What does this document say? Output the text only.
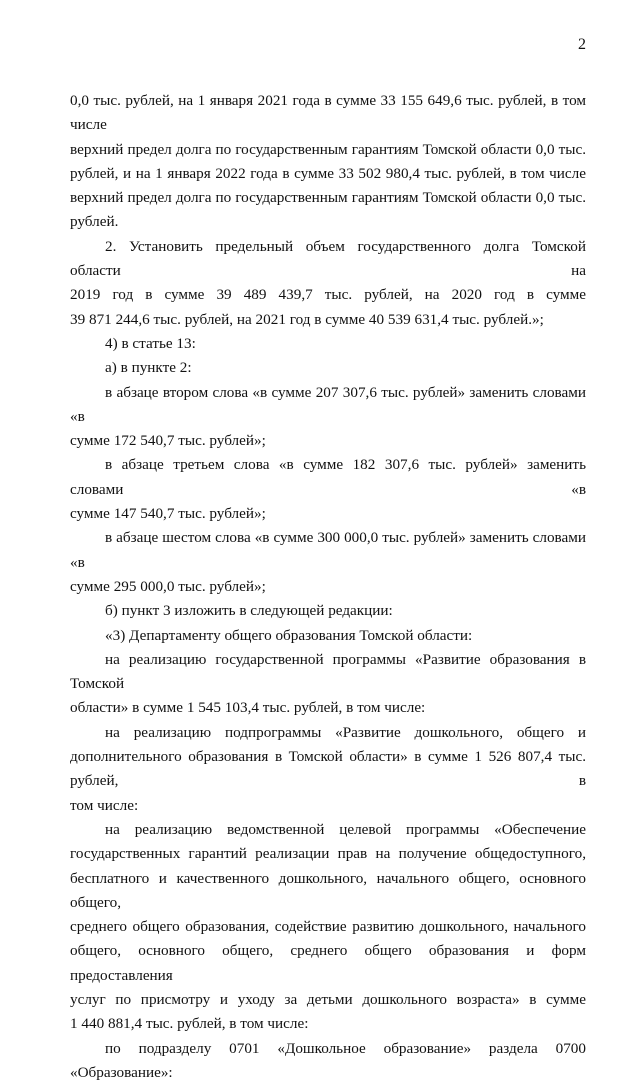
2
0,0 тыс. рублей, на 1 января 2021 года в сумме 33 155 649,6 тыс. рублей, в том числе
верхний предел долга по государственным гарантиям Томской области 0,0 тыс.
рублей, и на 1 января 2022 года в сумме 33 502 980,4 тыс. рублей, в том числе
верхний предел долга по государственным гарантиям Томской области 0,0 тыс.
рублей.
2. Установить предельный объем государственного долга Томской области на
2019 год в сумме 39 489 439,7 тыс. рублей, на 2020 год в сумме
39 871 244,6 тыс. рублей, на 2021 год в сумме 40 539 631,4 тыс. рублей.»;
4) в статье 13:
а) в пункте 2:
в абзаце втором слова «в сумме 207 307,6 тыс. рублей» заменить словами «в
сумме 172 540,7 тыс. рублей»;
в абзаце третьем слова «в сумме 182 307,6 тыс. рублей» заменить словами «в
сумме 147 540,7 тыс. рублей»;
в абзаце шестом слова «в сумме 300 000,0 тыс. рублей» заменить словами «в
сумме 295 000,0 тыс. рублей»;
б) пункт 3 изложить в следующей редакции:
«3) Департаменту общего образования Томской области:
на реализацию государственной программы «Развитие образования в Томской
области» в сумме 1 545 103,4 тыс. рублей, в том числе:
на реализацию подпрограммы «Развитие дошкольного, общего и
дополнительного образования в Томской области» в сумме 1 526 807,4 тыс. рублей, в
том числе:
на реализацию ведомственной целевой программы «Обеспечение
государственных гарантий реализации прав на получение общедоступного,
бесплатного и качественного дошкольного, начального общего, основного общего,
среднего общего образования, содействие развитию дошкольного, начального
общего, основного общего, среднего общего образования и форм предоставления
услуг по присмотру и уходу за детьми дошкольного возраста» в сумме
1 440 881,4 тыс. рублей, в том числе:
по подразделу 0701 «Дошкольное образование» раздела 0700 «Образование»:
